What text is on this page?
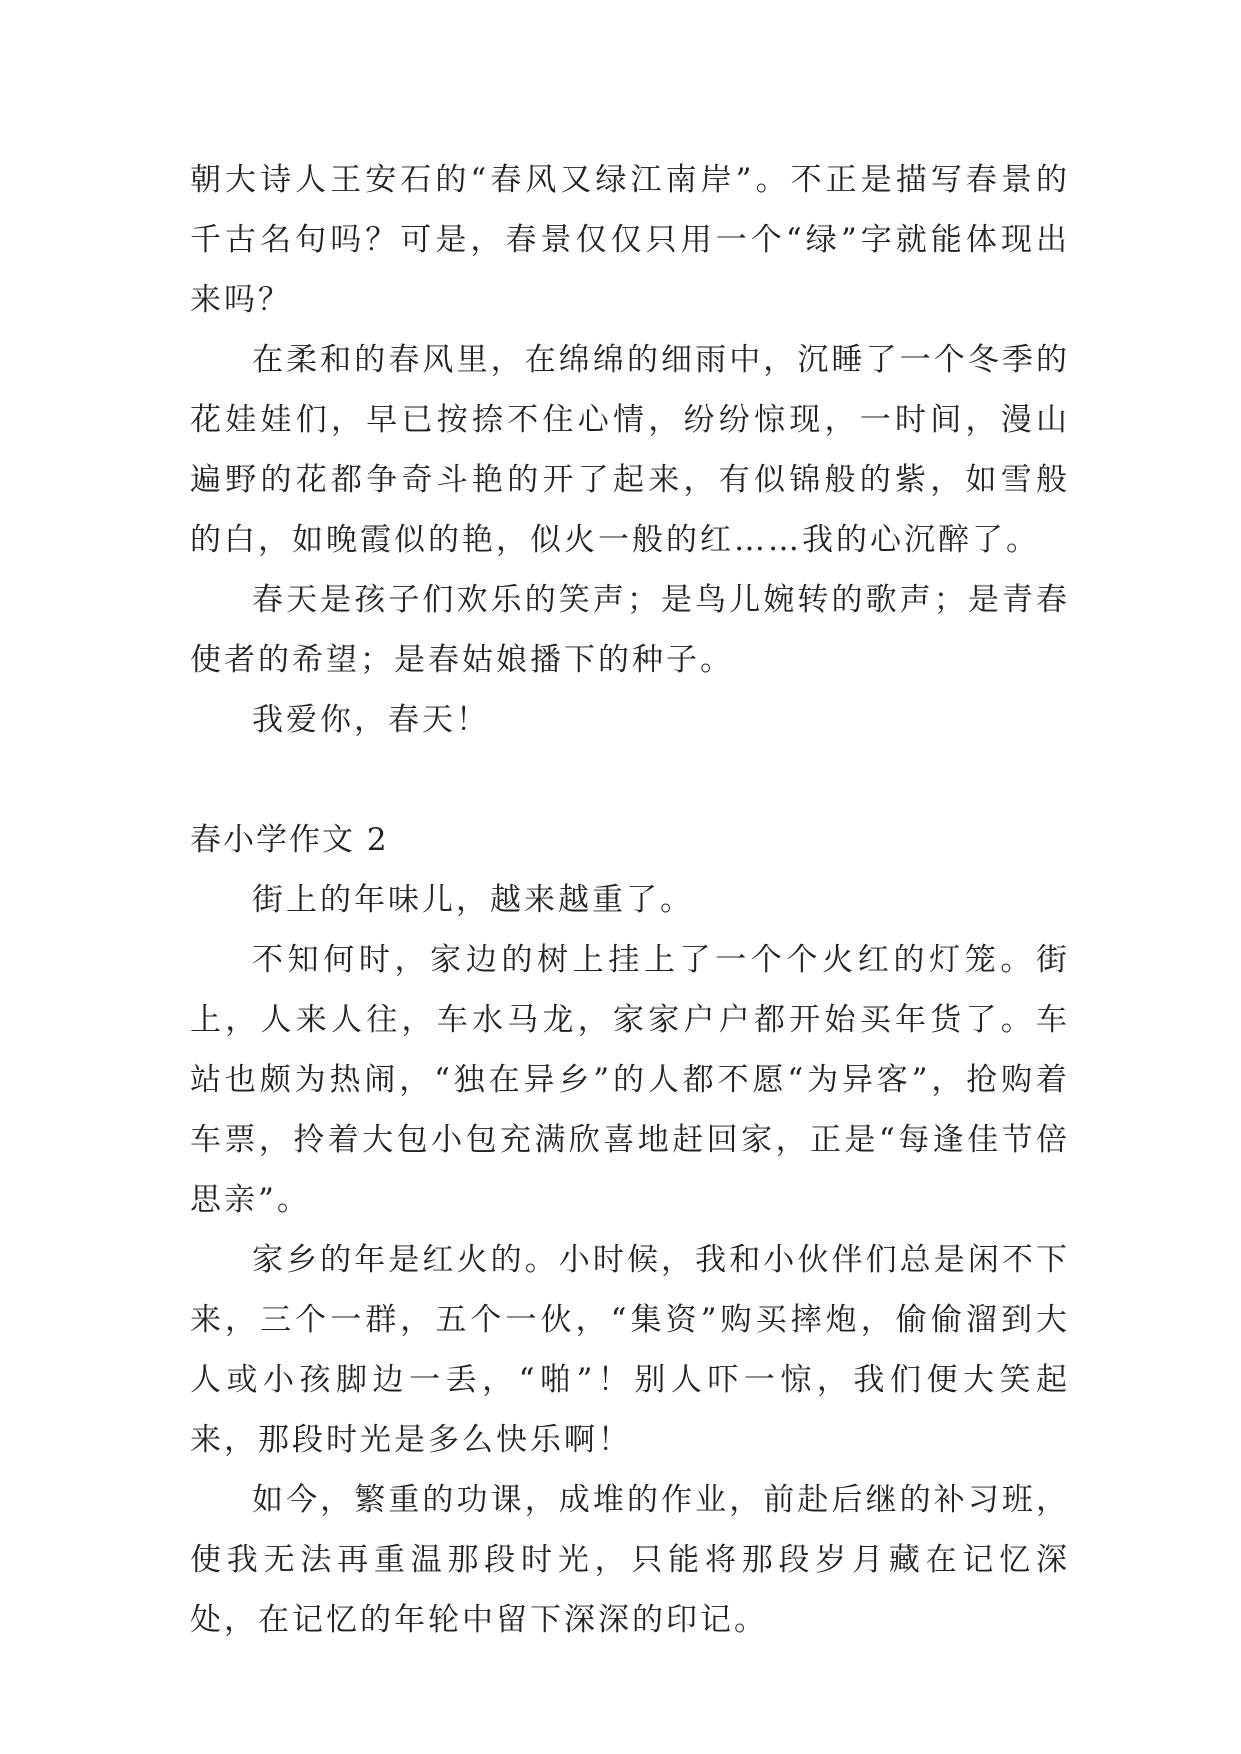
朝大诗人王安石的“春风又绿江南岸”。不正是描写春景的千古名句吗？可是，春景仅仅只用一个“绿”字就能体现出来吗？

在柔和的春风里，在绵绵的细雨中，沉睡了一个冬季的花娃娃们，早已按捺不住心情，纷纷惊现，一时间，漫山遍野的花都争奇斗艳的开了起来，有似锦般的紫，如雪般的白，如晚霞似的艳，似火一般的红……我的心沉醉了。

春天是孩子们欢乐的笑声；是鸟儿婉转的歌声；是青春使者的希望；是春姑娘播下的种子。

我爱你，春天！

春小学作文 2

街上的年味儿，越来越重了。

不知何时，家边的树上挂上了一个个火红的灯笼。街上，人来人往，车水马龙，家家户户都开始买年货了。车站也颇为热闹，“独在异乡”的人都不愿“为异客”，抢购着车票，拎着大包小包充满欣喜地赶回家，正是“每逢佳节倍思亲”。

家乡的年是红火的。小时候，我和小伙伴们总是闲不下来，三个一群，五个一伙，“集资”购买摔炮，偷偷溜到大人或小孩脚边一丢，“啪”！别人吓一惊，我们便大笑起来，那段时光是多么快乐啊！

如今，繁重的功课，成堆的作业，前赴后继的补习班，使我无法再重温那段时光，只能将那段岁月藏在记忆深处，在记忆的年轮中留下深深的印记。
